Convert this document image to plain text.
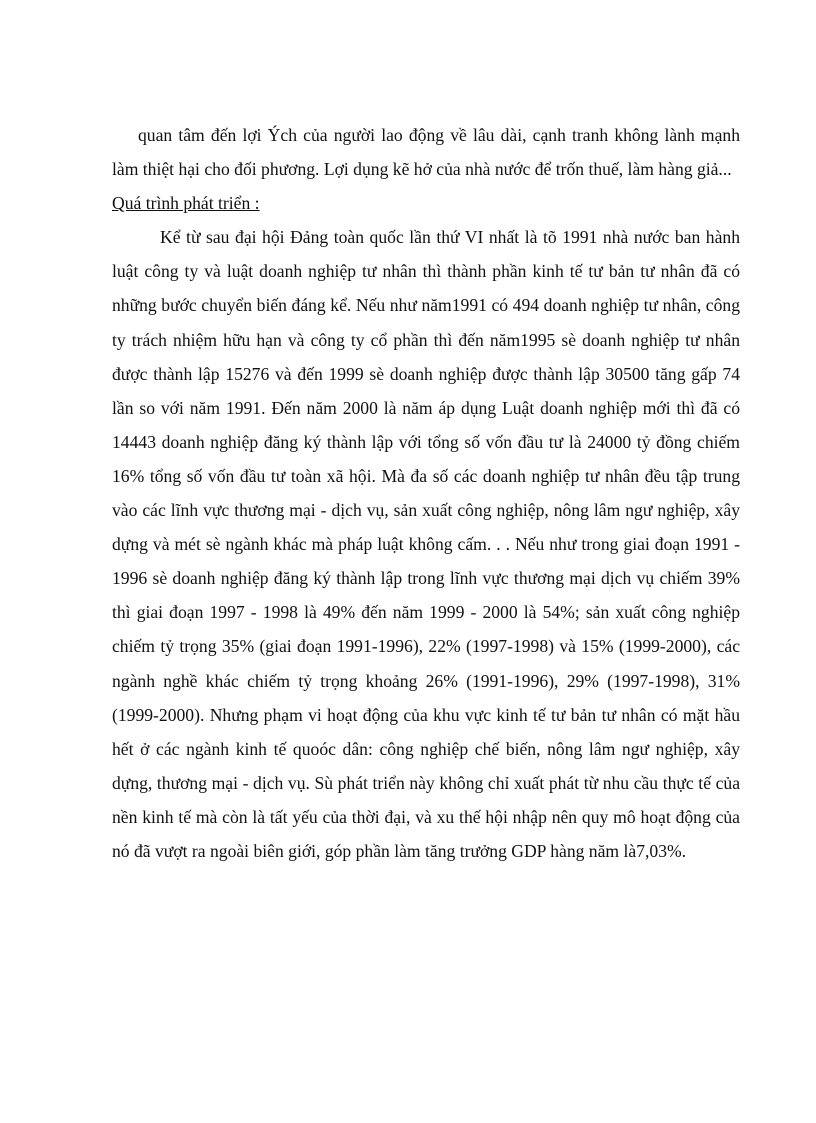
quan tâm đến lợi Ých của người lao động về lâu dài, cạnh tranh không lành mạnh làm thiệt hại cho đối phương. Lợi dụng kẽ hở của nhà nước để trốn thuế, làm hàng giả...

Quá trình phát triển :

Kể từ sau đại hội Đảng toàn quốc lần thứ VI nhất là tõ 1991 nhà nước ban hành luật công ty và luật doanh nghiệp tư nhân thì thành phần kinh tế tư bản tư nhân đã có những bước chuyển biến đáng kể. Nếu như năm1991 có 494 doanh nghiệp tư nhân, công ty trách nhiệm hữu hạn và công ty cổ phần thì đến năm1995 sè doanh nghiệp tư nhân được thành lập 15276 và đến 1999 sè doanh nghiệp được thành lập 30500 tăng gấp 74 lần so với năm 1991. Đến năm 2000 là năm áp dụng Luật doanh nghiệp mới thì đã có 14443 doanh nghiệp đăng ký thành lập với tổng số vốn đầu tư là 24000 tỷ đồng chiếm 16% tổng số vốn đầu tư toàn xã hội. Mà đa số các doanh nghiệp tư nhân đều tập trung vào các lĩnh vực thương mại - dịch vụ, sản xuất công nghiệp, nông lâm ngư nghiệp, xây dựng và mét sè ngành khác mà pháp luật không cấm. . . Nếu như trong giai đoạn 1991 - 1996 sè doanh nghiệp đăng ký thành lập trong lĩnh vực thương mại dịch vụ chiếm 39% thì giai đoạn 1997 - 1998 là 49% đến năm 1999 - 2000 là 54%; sản xuất công nghiệp chiếm tỷ trọng 35% (giai đoạn 1991-1996), 22% (1997-1998) và 15% (1999-2000), các ngành nghề khác chiếm tỷ trọng khoảng 26% (1991-1996), 29% (1997-1998), 31% (1999-2000). Nhưng phạm vi hoạt động của khu vực kinh tế tư bản tư nhân có mặt hầu hết ở các ngành kinh tế quoóc dân: công nghiệp chế biến, nông lâm ngư nghiệp, xây dựng, thương mại - dịch vụ. Sù phát triển này không chỉ xuất phát từ nhu cầu thực tế của nền kinh tế mà còn là tất yếu của thời đại, và xu thế hội nhập nên quy mô hoạt động của nó đã vượt ra ngoài biên giới, góp phần làm tăng trưởng GDP hàng năm là7,03%.
